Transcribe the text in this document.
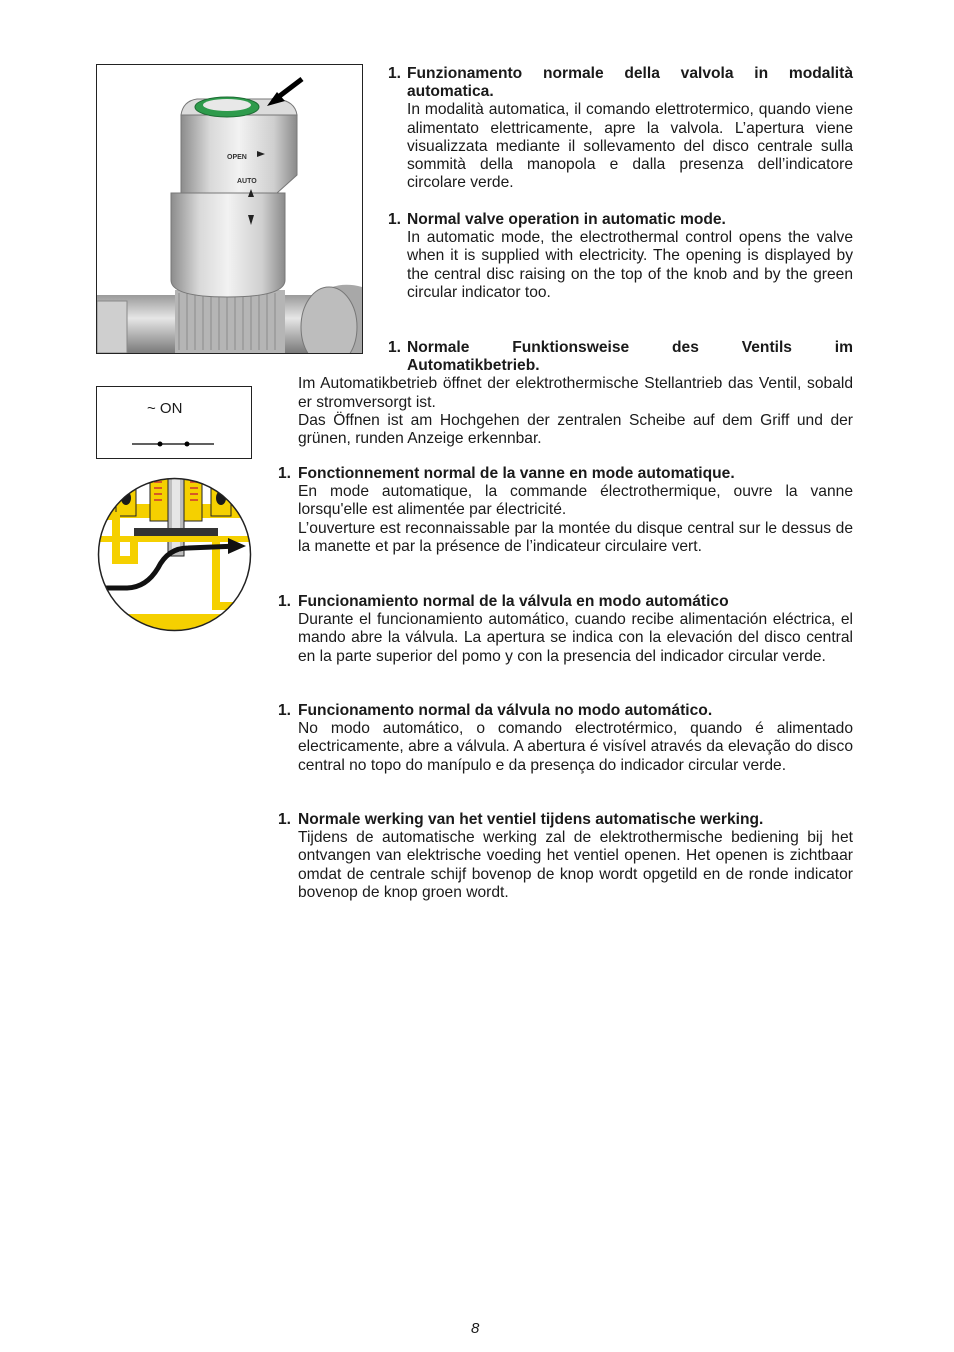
OPEN
AUTO
~ ON
1. Funzionamento normale della valvola in modalità
automatica.

In modalità automatica, il comando elettrotermico, quando viene alimentato elettricamente, apre la valvola. L’apertura viene visualizzata mediante il sollevamento del disco centrale sulla sommità della manopola e dalla presenza dell’indicatore circolare verde.

1. Normal valve operation in automatic mode.

In automatic mode, the electrothermal control opens the valve when it is supplied with electricity. The opening is displayed by the central disc raising on the top of the knob and by the green circular indicator too.

1. Normale Funktionsweise des Ventils im
Automatikbetrieb.

Im Automatikbetrieb öffnet der elektrothermische Stellantrieb das Ventil, sobald er stromversorgt ist.

Das Öffnen ist am Hochgehen der zentralen Scheibe auf dem Griff und der grünen, runden Anzeige erkennbar.

1. Fonctionnement normal de la vanne en mode automatique.

En mode automatique, la commande électrothermique, ouvre la vanne lorsqu'elle est alimentée par électricité.

L’ouverture est reconnaissable par la montée du disque central sur le dessus de la manette et par la présence de l’indicateur circulaire vert.

1. Funcionamiento normal de la válvula en modo automático

Durante el funcionamiento automático, cuando recibe alimentación eléctrica, el mando abre la válvula. La apertura se indica con la elevación del disco central en la parte superior del pomo y con la presencia del indicador circular verde.

1. Funcionamento normal da válvula no modo automático.

No modo automático, o comando electrotérmico, quando é alimentado electricamente, abre a válvula. A abertura é visível através da elevação do disco central no topo do manípulo e da presença do indicador circular verde.

1. Normale werking van het ventiel tijdens automatische werking.

Tijdens de automatische werking zal de elektrothermische bediening bij het ontvangen van elektrische voeding het ventiel openen. Het openen is zichtbaar omdat de centrale schijf bovenop de knop wordt opgetild en de ronde indicator bovenop de knop groen wordt.

8
